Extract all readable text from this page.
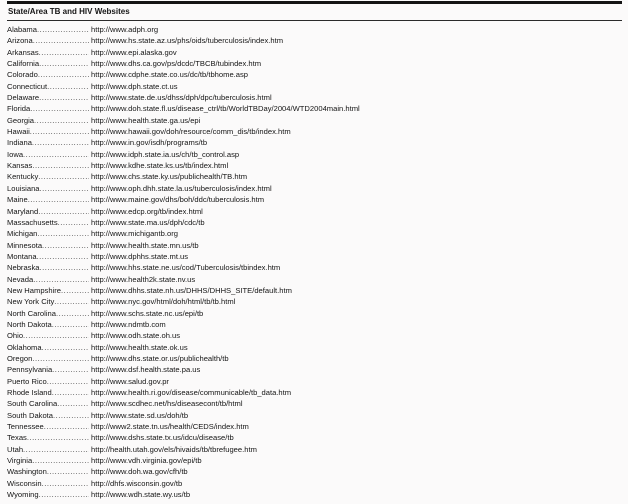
State/Area TB and HIV Websites
Alabama .....	http://www.adph.org
Arizona .....	http://www.hs.state.az.us/phs/oids/tuberculosis/index.htm
Arkansas .....	http://www.epi.alaska.gov
California .....	http://www.dhs.ca.gov/ps/dcdc/TBCB/tubindex.htm
Colorado .....	http://www.cdphe.state.co.us/dc/tb/tbhome.asp
Connecticut .....	http://www.dph.state.ct.us
Delaware .....	http://www.state.de.us/dhss/dph/dpc/tuberculosis.html
Florida .....	http://www.doh.state.fl.us/disease_ctrl/tb/WorldTBDay/2004/WTD2004main.html
Georgia .....	http://www.health.state.ga.us/epi
Hawaii .....	http://www.hawaii.gov/doh/resource/comm_dis/tb/index.htm
Indiana .....	http://www.in.gov/isdh/programs/tb
Iowa .....	http://www.idph.state.ia.us/ch/tb_control.asp
Kansas .....	http://www.kdhe.state.ks.us/tb/index.html
Kentucky .....	http://www.chs.state.ky.us/publichealth/TB.htm
Louisiana .....	http://www.oph.dhh.state.la.us/tuberculosis/index.html
Maine .....	http://www.maine.gov/dhs/boh/ddc/tuberculosis.htm
Maryland .....	http://www.edcp.org/tb/index.html
Massachusetts .....	http://www.state.ma.us/dph/cdc/tb
Michigan .....	http://www.michigantb.org
Minnesota .....	http://www.health.state.mn.us/tb
Montana .....	http://www.dphhs.state.mt.us
Nebraska .....	http://www.hhs.state.ne.us/cod/Tuberculosis/tbindex.htm
Nevada .....	http://www.health2k.state.nv.us
New Hampshire .....	http://www.dhhs.state.nh.us/DHHS/DHHS_SITE/default.htm
New York City .....	http://www.nyc.gov/html/doh/html/tb/tb.html
North Carolina .....	http://www.schs.state.nc.us/epi/tb
North Dakota .....	http://www.ndmtb.com
Ohio .....	http://www.odh.state.oh.us
Oklahoma .....	http://www.health.state.ok.us
Oregon .....	http://www.dhs.state.or.us/publichealth/tb
Pennsylvania .....	http://www.dsf.health.state.pa.us
Puerto Rico .....	http://www.salud.gov.pr
Rhode Island .....	http://www.health.ri.gov/disease/communicable/tb_data.htm
South Carolina .....	http://www.scdhec.net/hs/diseasecont/tb/html
South Dakota .....	http://www.state.sd.us/doh/tb
Tennessee .....	http://www2.state.tn.us/health/CEDS/index.htm
Texas .....	http://www.dshs.state.tx.us/idcu/disease/tb
Utah .....	http://health.utah.gov/els/hivaids/tb/tbrefugee.htm
Virginia .....	http://www.vdh.virginia.gov/epi/tb
Washington .....	http://www.doh.wa.gov/cfh/tb
Wisconsin .....	http://dhfs.wisconsin.gov/tb
Wyoming .....	http://www.wdh.state.wy.us/tb
